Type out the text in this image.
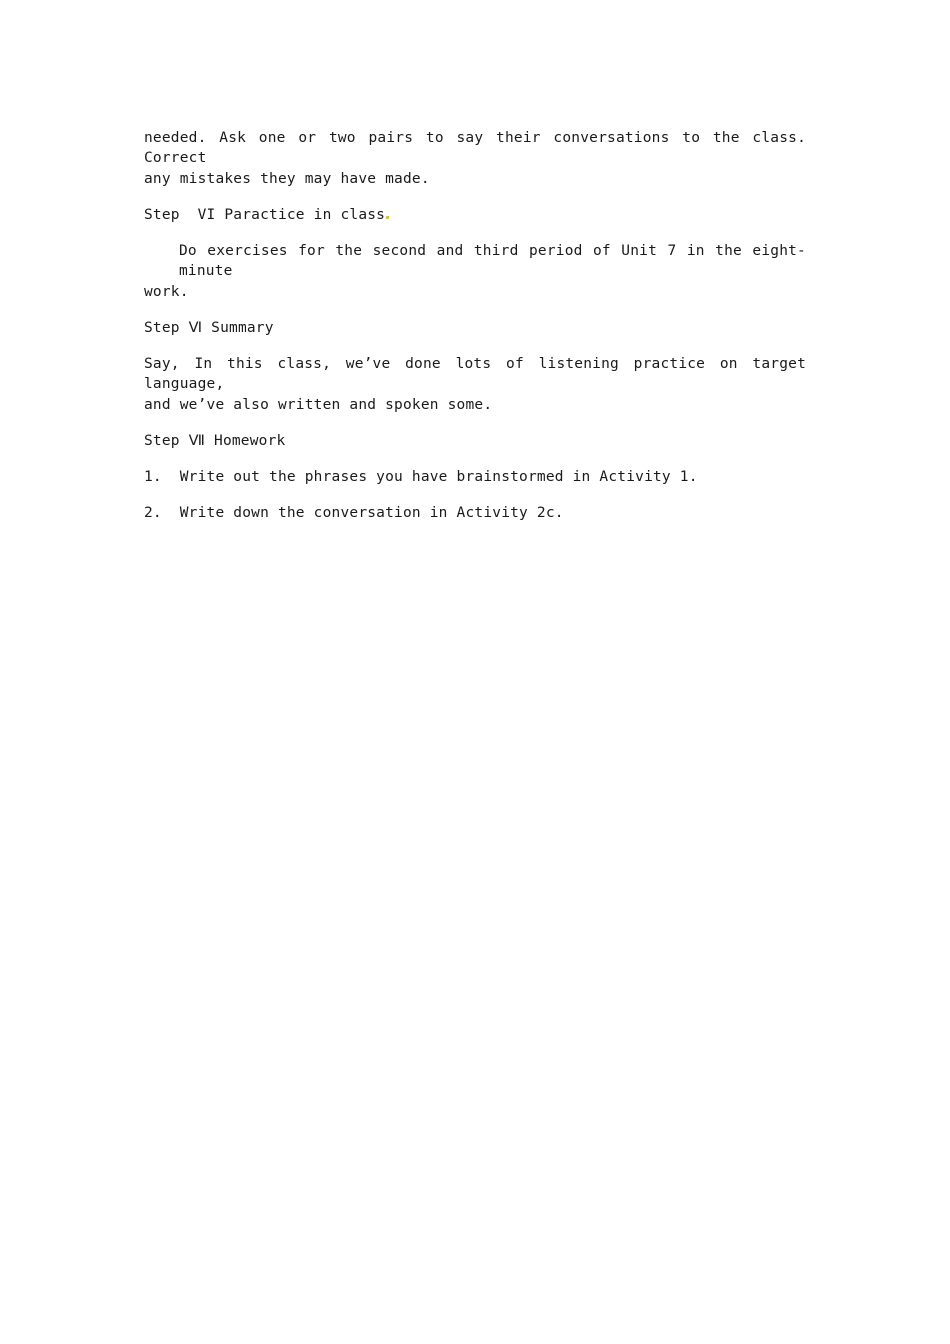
needed. Ask one or two pairs to say their conversations to the class. Correct
any mistakes they may have made.
Step  VI Paractice in class
Do exercises for the second and third period of Unit 7 in the eight-minute
work.
Step Ⅵ Summary
Say, In this class, we’ve done lots of listening practice on target language,
and we’ve also written and spoken some.
Step Ⅶ Homework
1.  Write out the phrases you have brainstormed in Activity 1.
2.  Write down the conversation in Activity 2c.
